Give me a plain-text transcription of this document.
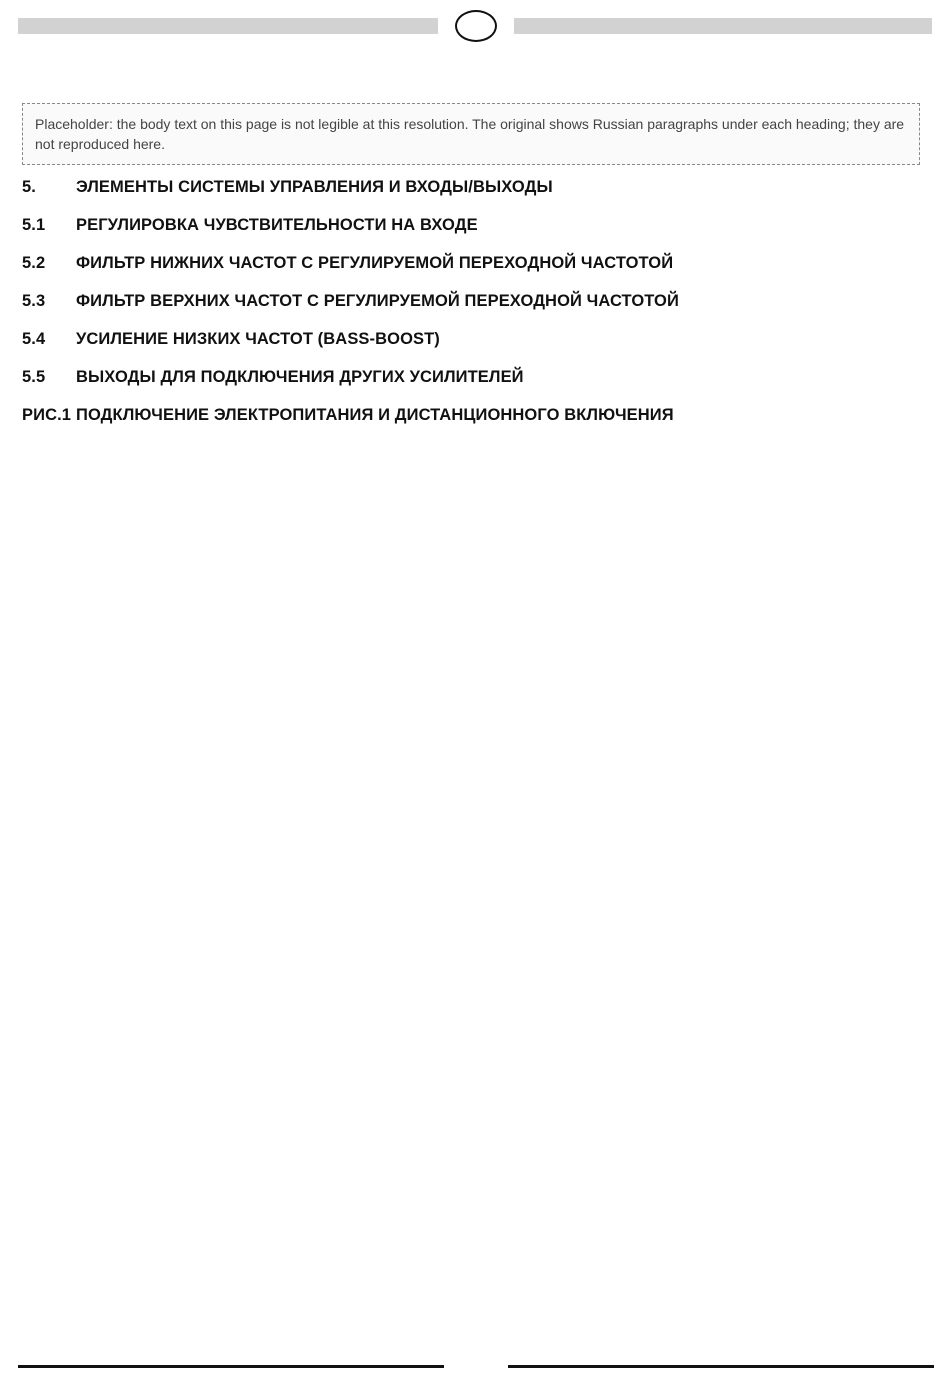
Placeholder: the body text on this page is not legible at this resolution. The original shows Russian paragraphs under each heading; they are not reproduced here.
5.	ЭЛЕМЕНТЫ СИСТЕМЫ УПРАВЛЕНИЯ И ВХОДЫ/ВЫХОДЫ
5.1	РЕГУЛИРОВКА ЧУВСТВИТЕЛЬНОСТИ НА ВХОДЕ
5.2	ФИЛЬТР НИЖНИХ ЧАСТОТ С РЕГУЛИРУЕМОЙ ПЕРЕХОДНОЙ ЧАСТОТОЙ
5.3	ФИЛЬТР ВЕРХНИХ ЧАСТОТ С РЕГУЛИРУЕМОЙ ПЕРЕХОДНОЙ ЧАСТОТОЙ
5.4	УСИЛЕНИЕ НИЗКИХ ЧАСТОТ (BASS-BOOST)
5.5	ВЫХОДЫ ДЛЯ ПОДКЛЮЧЕНИЯ ДРУГИХ УСИЛИТЕЛЕЙ
РИС.1 ПОДКЛЮЧЕНИЕ ЭЛЕКТРОПИТАНИЯ И ДИСТАНЦИОННОГО ВКЛЮЧЕНИЯ
